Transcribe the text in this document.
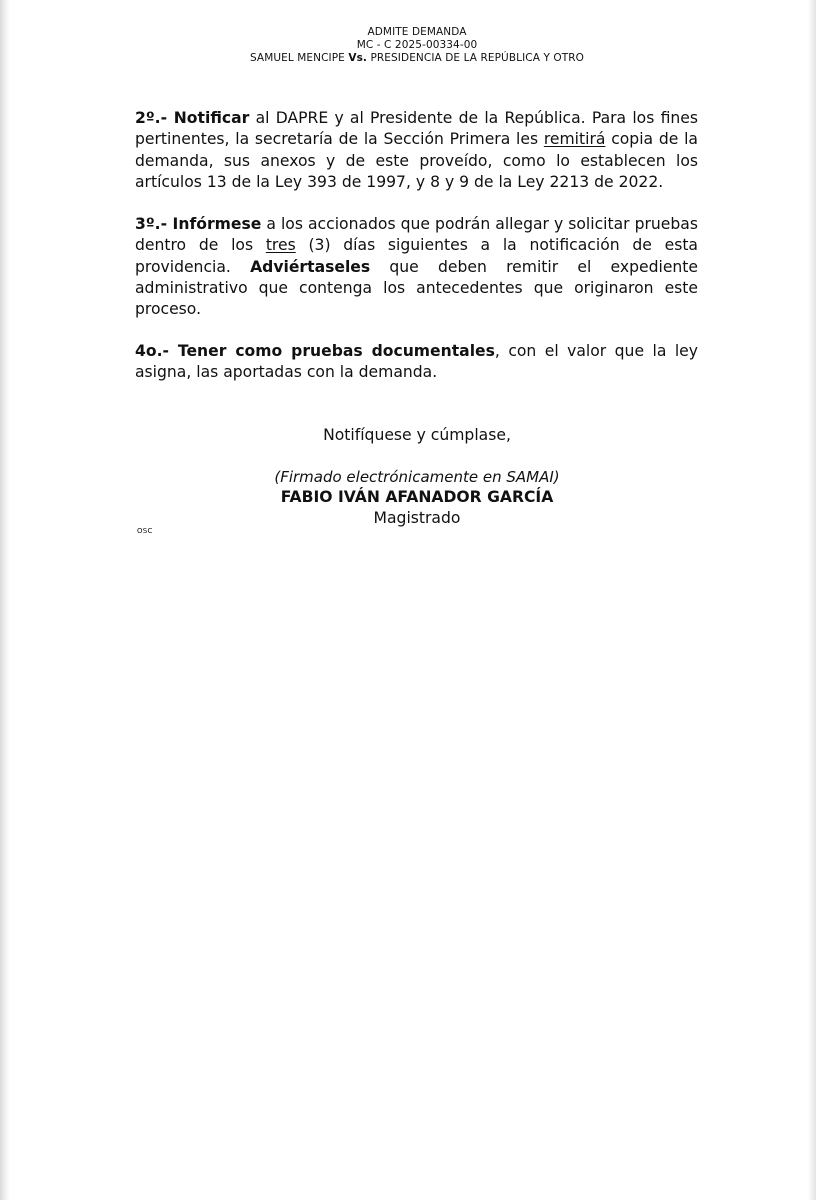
ADMITE DEMANDA
MC - C 2025-00334-00
SAMUEL MENCIPE Vs. PRESIDENCIA DE LA REPÚBLICA Y OTRO

2º.- Notificar al DAPRE y al Presidente de la República. Para los fines pertinentes, la secretaría de la Sección Primera les remitirá copia de la demanda, sus anexos y de este proveído, como lo establecen los artículos 13 de la Ley 393 de 1997, y 8 y 9 de la Ley 2213 de 2022.

3º.- Infórmese a los accionados que podrán allegar y solicitar pruebas dentro de los tres (3) días siguientes a la notificación de esta providencia. Adviértaseles que deben remitir el expediente administrativo que contenga los antecedentes que originaron este proceso.

4o.- Tener como pruebas documentales, con el valor que la ley asigna, las aportadas con la demanda.

Notifíquese y cúmplase,

(Firmado electrónicamente en SAMAI)

FABIO IVÁN AFANADOR GARCÍA

Magistrado

OSC
